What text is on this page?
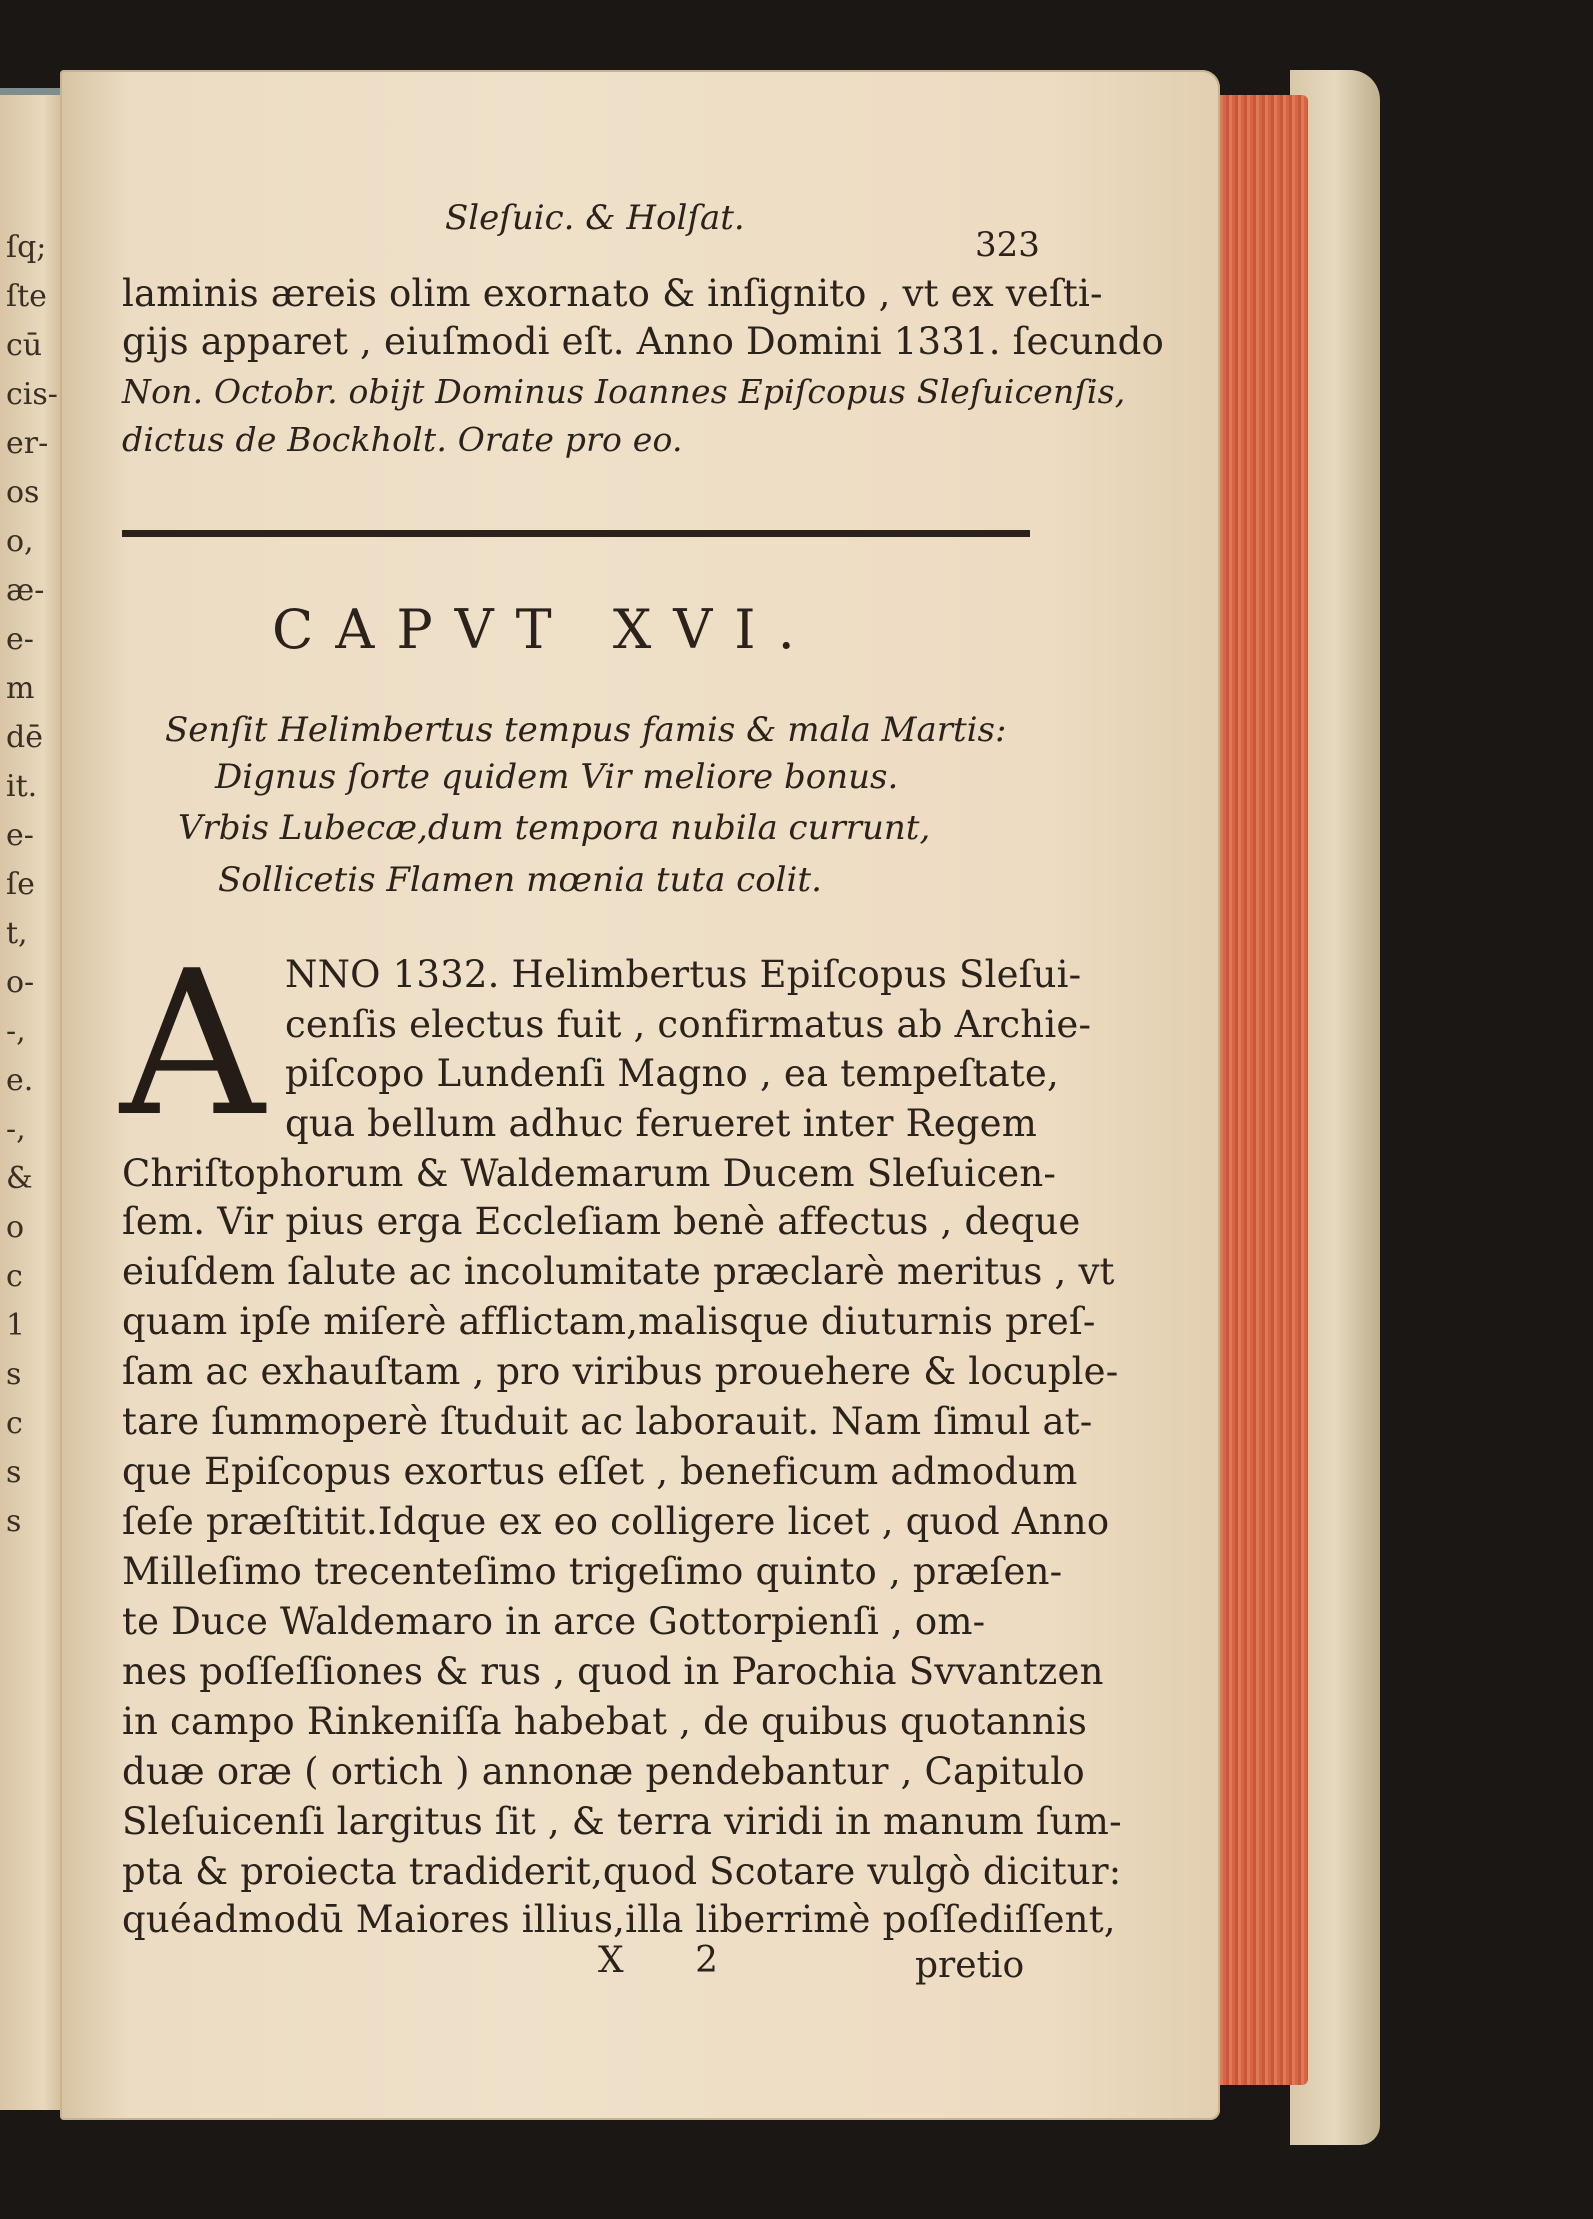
ſq;
ſte
cū
cis-
er-
os
o,
æ-
e-
m
dē
it.
e-
ſe
t,
o-
-,
e.
-,
&
o
c
1
s
c
s
s
Sleſuic. & Holſat.
323
laminis æreis olim exornato & inſignito , vt ex veſti-
gijs apparet , eiuſmodi eſt. Anno Domini 1331. ſecundo
Non. Octobr. obijt Dominus Ioannes Epiſcopus Sleſuicenſis,
dictus de Bockholt. Orate pro eo.
CAPVT XVI.
Senſit Helimbertus tempus famis & mala Martis:
Dignus ſorte quidem Vir meliore bonus.
Vrbis Lubecæ,dum tempora nubila currunt,
Sollicetis Flamen mœnia tuta colit.
A NNO 1332. Helimbertus Epiſcopus Sleſui-
cenſis electus fuit , confirmatus ab Archie-
piſcopo Lundenſi Magno , ea tempeſtate,
qua bellum adhuc ferueret inter Regem
Chriſtophorum & Waldemarum Ducem Sleſuicen-
ſem. Vir pius erga Eccleſiam benè affectus , deque
eiuſdem ſalute ac incolumitate præclarè meritus , vt
quam ipſe miſerè afflictam,malisque diuturnis preſ-
ſam ac exhauſtam , pro viribus prouehere & locuple-
tare ſummoperè ſtuduit ac laborauit. Nam ſimul at-
que Epiſcopus exortus eſſet , beneficum admodum
ſeſe præſtitit.Idque ex eo colligere licet , quod Anno
Milleſimo trecenteſimo trigeſimo quinto , præſen-
te Duce Waldemaro in arce Gottorpienſi , om-
nes poſſeſſiones & rus , quod in Parochia Svvantzen
in campo Rinkeniſſa habebat , de quibus quotannis
duæ oræ ( ortich ) annonæ pendebantur , Capitulo
Sleſuicenſi largitus ſit , & terra viridi in manum ſum-
pta & proiecta tradiderit,quod Scotare vulgò dicitur:
quéadmodū Maiores illius,illa liberrimè poſſediſſent,
X 2	pretio
